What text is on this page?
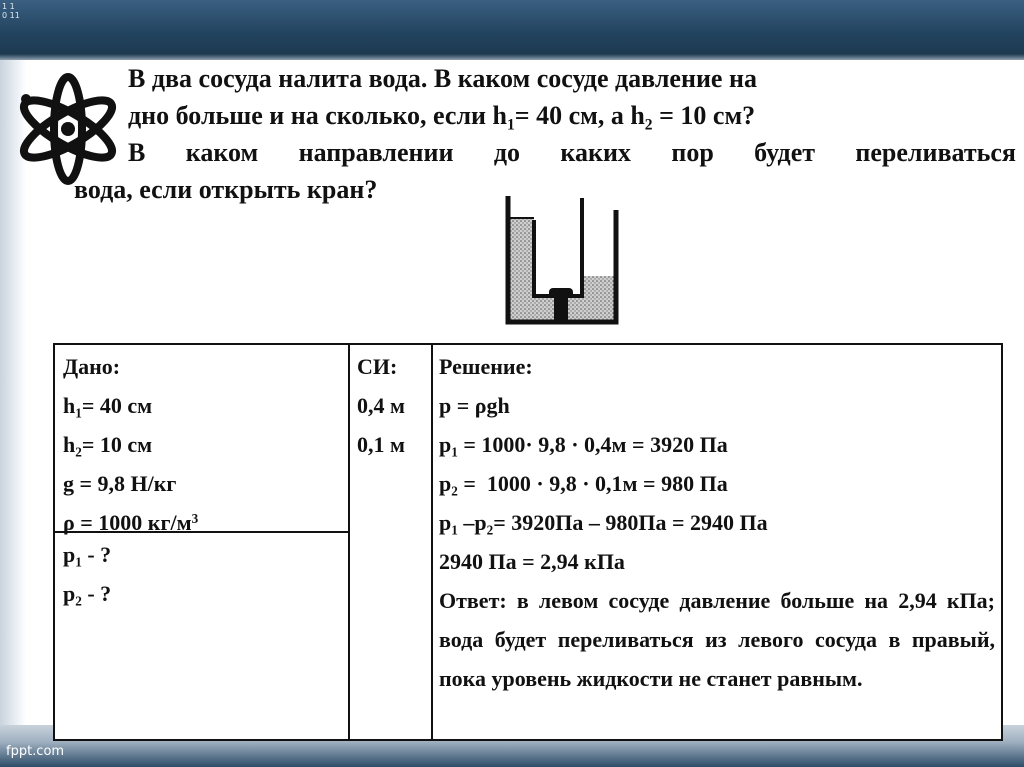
1 1
0 11
fppt.com
В два сосуда налита вода. В каком сосуде давление на
дно больше и на сколько, если $h_1= 40$ см, а $h_2 = 10$ см?
В каком направлении до каких пор будет переливаться
вода, если открыть кран?
Дано:
$h_1= 40$ см
$h_2= 10$ см
g = 9,8 Н/кг
ρ = 1000 $кг/м^3$
$p_1$ - ?
$p_2$ - ?
СИ:
0,4 м
0,1 м
Решение:
p = ρgh
$p_1 = 1000\cdot 9,8 \cdot 0,4м = 3920$ Па
$p_2 = 1000 \cdot 9,8 \cdot 0,1м = 980$ Па
$p_1$ $-p_2= 3920Па - 980Па = 2940$ Па
2940 Па = 2,94 кПа
Ответ: в левом сосуде давление больше на 2,94 кПа; вода будет переливаться из левого сосуда в правый, пока уровень жидкости не станет равным.
